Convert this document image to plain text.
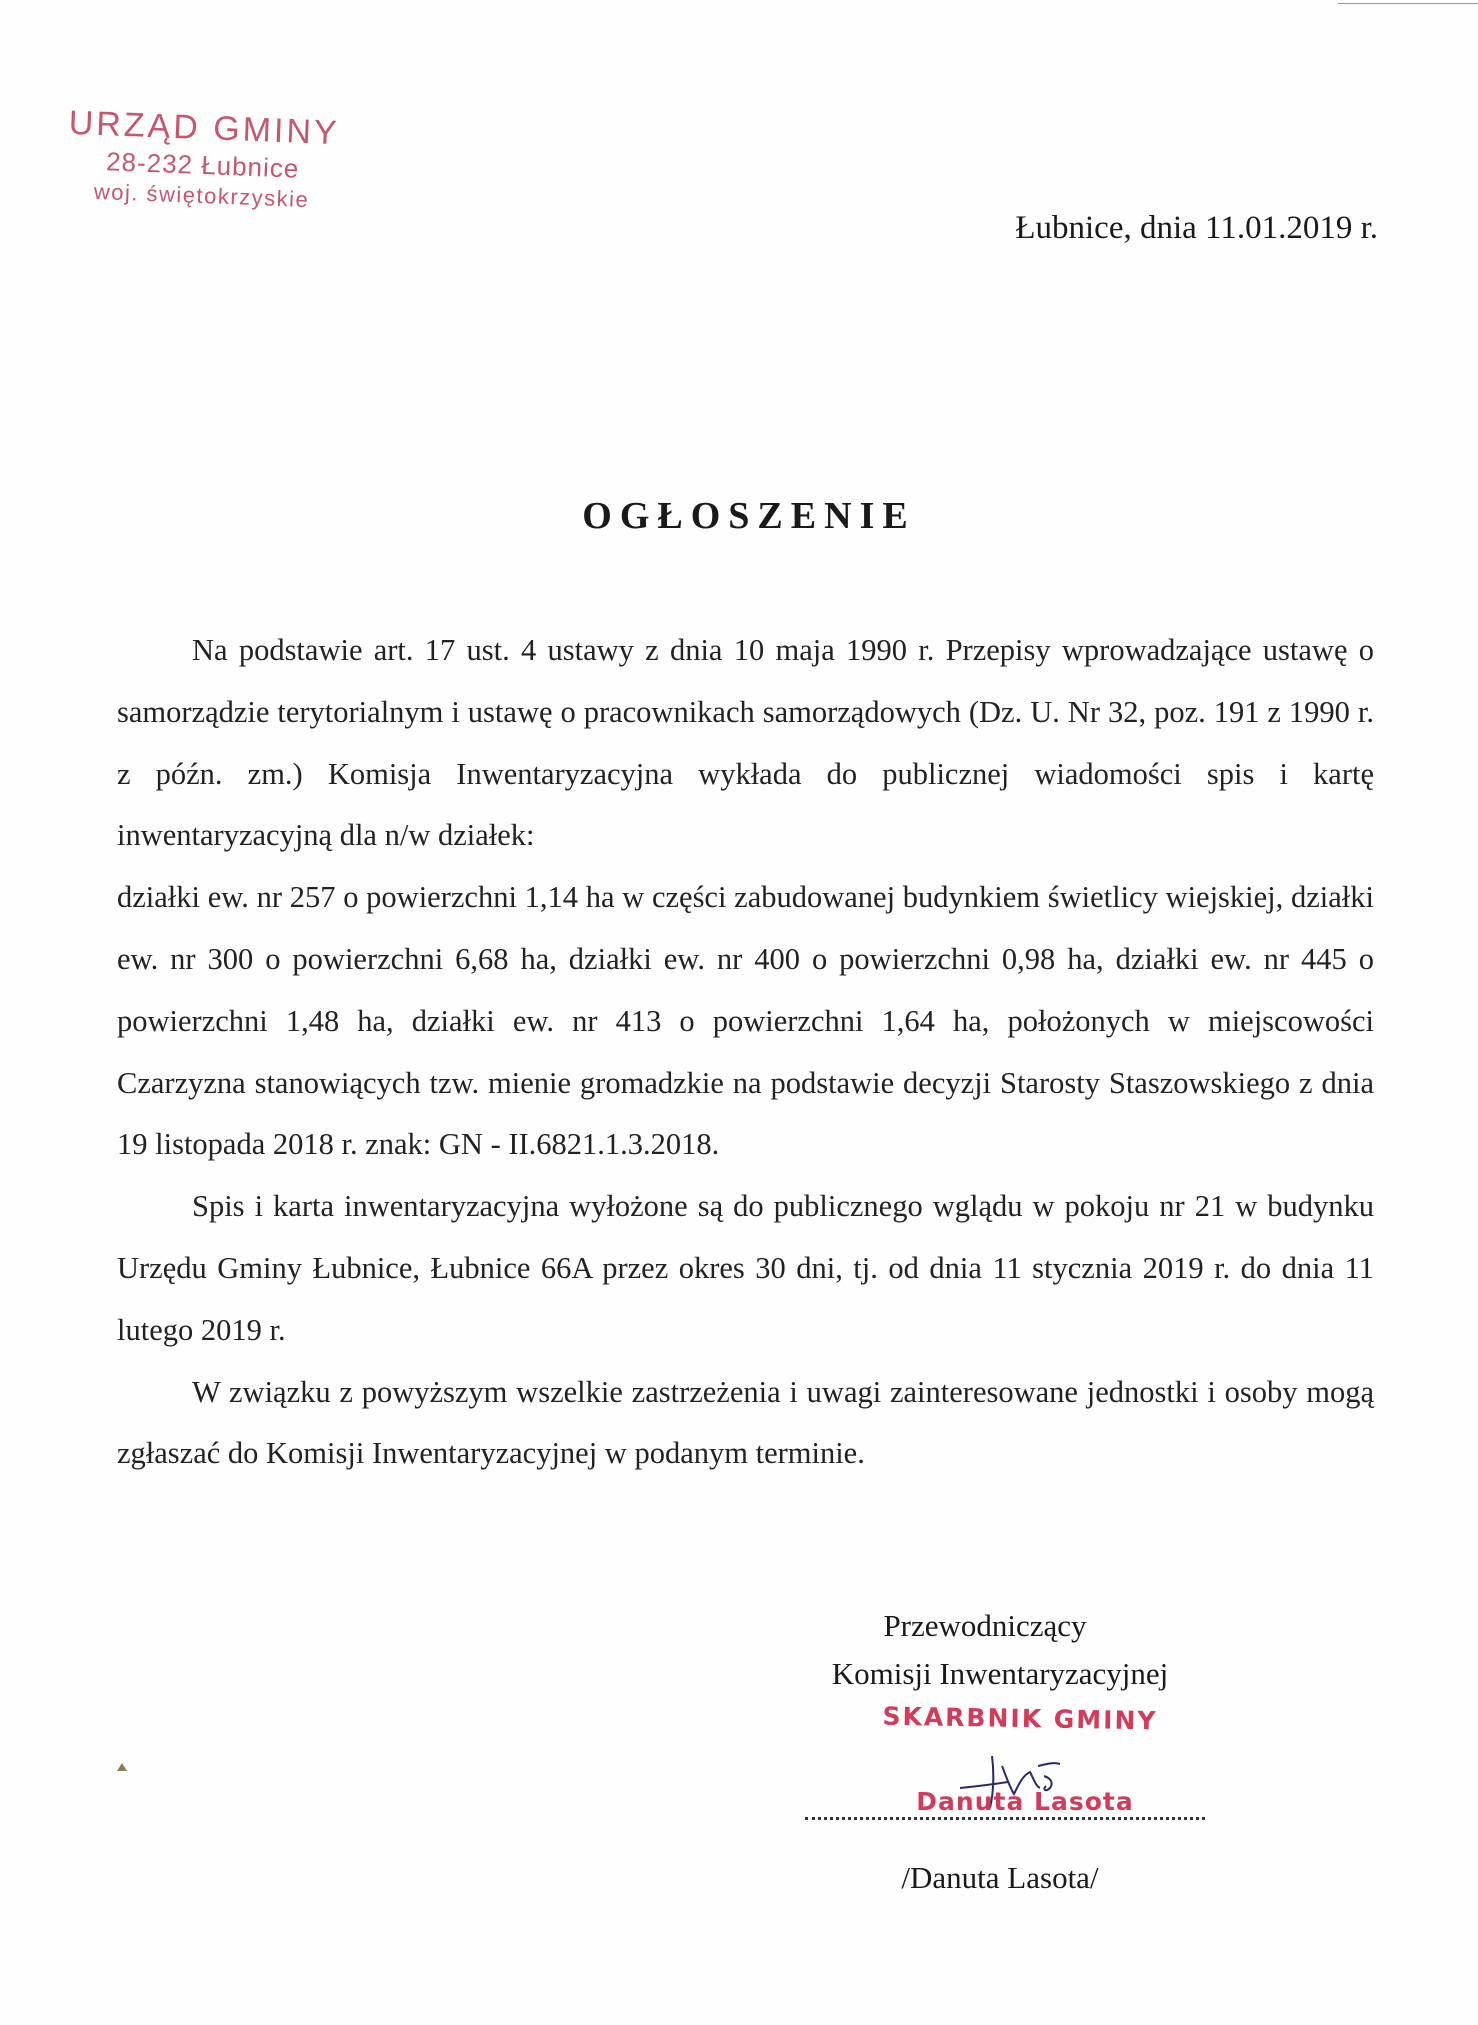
URZĄD GMINY
28-232 Łubnice
woj. świętokrzyskie
Łubnice, dnia 11.01.2019 r.
OGŁOSZENIE

Na podstawie art. 17 ust. 4 ustawy z dnia 10 maja 1990 r. Przepisy wprowadzające ustawę o samorządzie terytorialnym i ustawę o pracownikach samorządowych (Dz. U. Nr 32, poz. 191 z 1990 r. z późn. zm.) Komisja Inwentaryzacyjna wykłada do publicznej wiadomości spis i kartę inwentaryzacyjną dla n/w działek:

działki ew. nr 257 o powierzchni 1,14 ha w części zabudowanej budynkiem świetlicy wiejskiej, działki ew. nr 300 o powierzchni 6,68 ha, działki ew. nr 400 o powierzchni 0,98 ha, działki ew. nr 445 o powierzchni 1,48 ha, działki ew. nr 413 o powierzchni 1,64 ha, położonych w miejscowości Czarzyzna stanowiących tzw. mienie gromadzkie na podstawie decyzji Starosty Staszowskiego z dnia 19 listopada 2018 r. znak: GN - II.6821.1.3.2018.

Spis i karta inwentaryzacyjna wyłożone są do publicznego wglądu w pokoju nr 21 w budynku Urzędu Gminy Łubnice, Łubnice 66A przez okres 30 dni, tj. od dnia 11 stycznia 2019 r. do dnia 11 lutego 2019 r.

W związku z powyższym wszelkie zastrzeżenia i uwagi zainteresowane jednostki i osoby mogą zgłaszać do Komisji Inwentaryzacyjnej w podanym terminie.

Przewodniczący
Komisji Inwentaryzacyjnej
SKARBNIK GMINY
Danuta Lasota
/Danuta Lasota/
